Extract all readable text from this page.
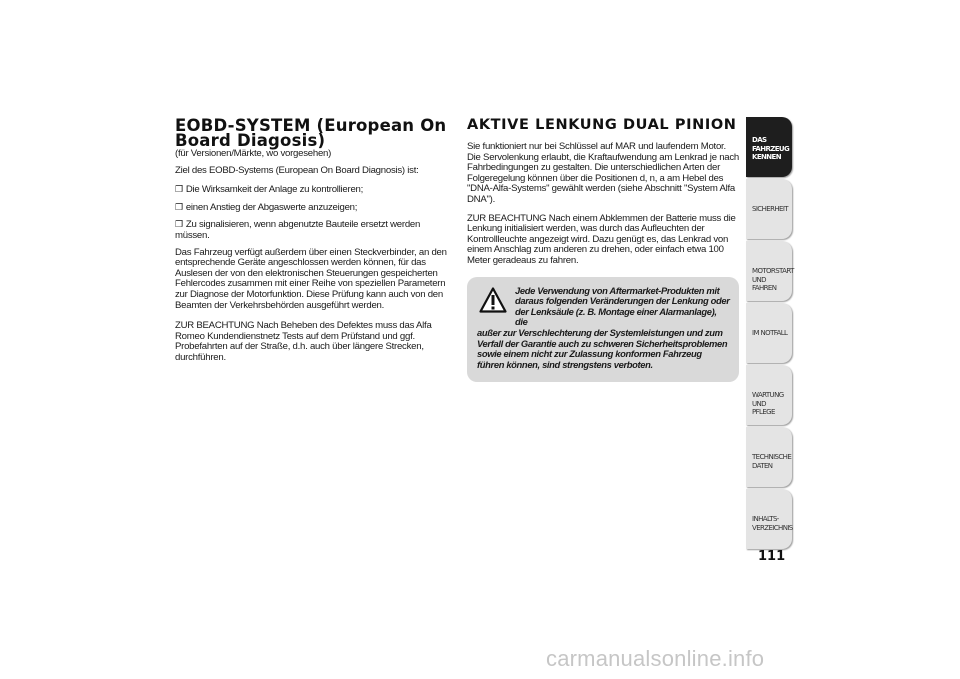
EOBD-SYSTEM (European On
Board Diagosis)

(für Versionen/Märkte, wo vorgesehen)

Ziel des EOBD-Systems (European On Board Diagnosis) ist:

❒ Die Wirksamkeit der Anlage zu kontrollieren;

❒ einen Anstieg der Abgaswerte anzuzeigen;

❒ Zu signalisieren, wenn abgenutzte Bauteile ersetzt werden müssen.

Das Fahrzeug verfügt außerdem über einen Steckverbinder, an den entsprechende Geräte angeschlossen werden können, für das Auslesen der von den elektronischen Steuerungen gespeicherten Fehlercodes zusammen mit einer Reihe von speziellen Parametern zur Diagnose der Motorfunktion. Diese Prüfung kann auch von den Beamten der Verkehrsbehörden ausgeführt werden.

ZUR BEACHTUNG Nach Beheben des Defektes muss das Alfa Romeo Kundendienstnetz Tests auf dem Prüfstand und ggf. Probefahrten auf der Straße, d.h. auch über längere Strecken, durchführen.

AKTIVE LENKUNG DUAL PINION

Sie funktioniert nur bei Schlüssel auf MAR und laufendem Motor. Die Servolenkung erlaubt, die Kraftaufwendung am Lenkrad je nach Fahrbedingungen zu gestalten. Die unterschiedlichen Arten der Folgeregelung können über die Positionen d, n, a am Hebel des "DNA-Alfa-Systems" gewählt werden (siehe Abschnitt "System Alfa DNA").

ZUR BEACHTUNG Nach einem Abklemmen der Batterie muss die Lenkung initialisiert werden, was durch das Aufleuchten der Kontrollleuchte angezeigt wird. Dazu genügt es, das Lenkrad von einem Anschlag zum anderen zu drehen, oder einfach etwa 100 Meter geradeaus zu fahren.

Jede Verwendung von Aftermarket-Produkten mit daraus folgenden Veränderungen der Lenkung oder der Lenksäule (z. B. Montage einer Alarmanlage), die
außer zur Verschlechterung der Systemleistungen und zum Verfall der Garantie auch zu schweren Sicherheitsproblemen sowie einem nicht zur Zulassung konformen Fahrzeug führen können, sind strengstens verboten.
DAS FAHRZEUG
KENNEN
SICHERHEIT
MOTORSTART UND
FAHREN
IM NOTFALL
WARTUNG UND
PFLEGE
TECHNISCHE DATEN
INHALTS-
VERZEICHNIS
111
carmanualsonline.info
